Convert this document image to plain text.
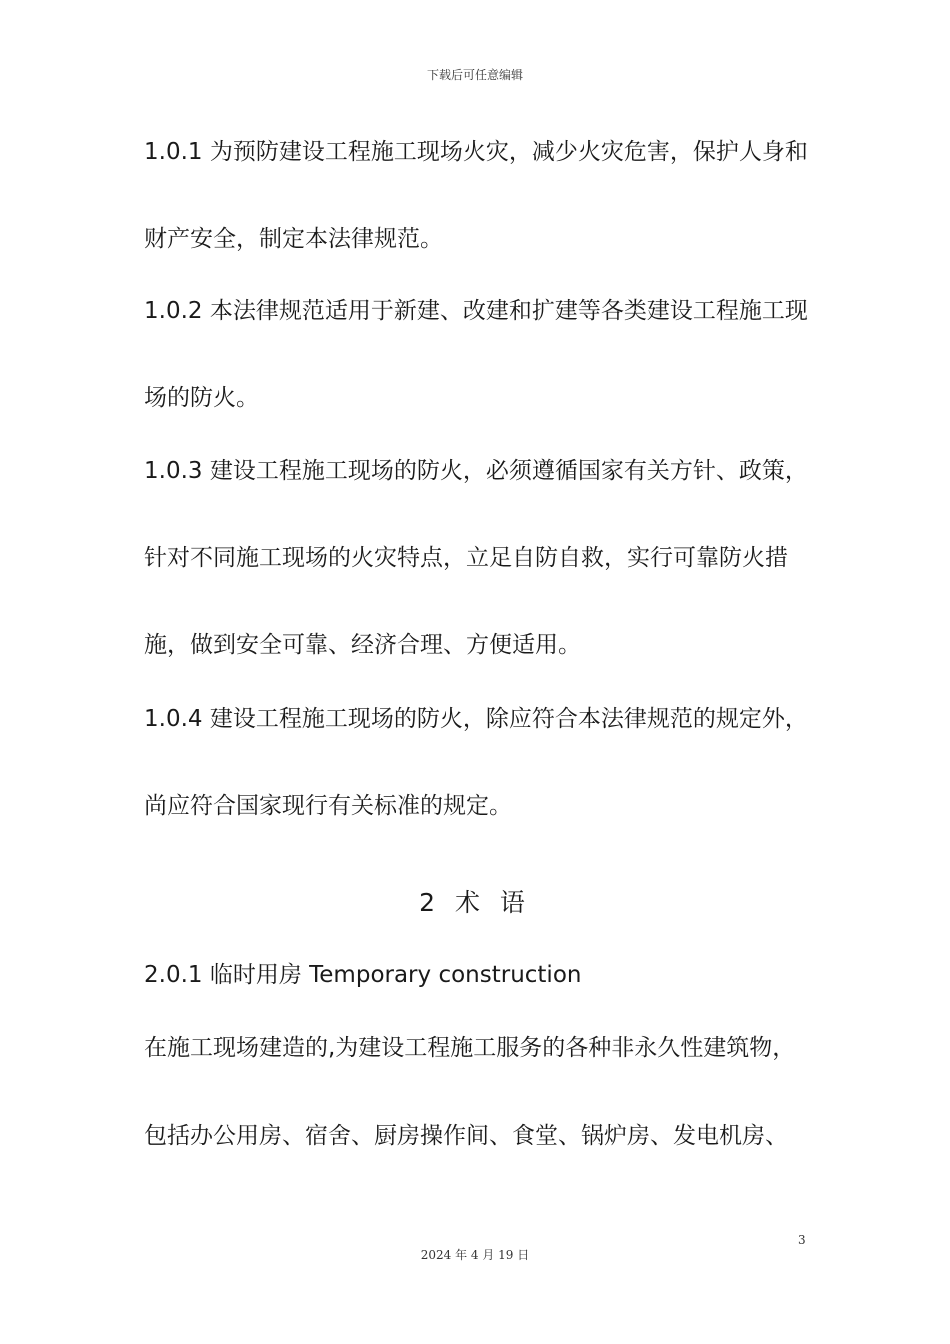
下载后可任意编辑
1.0.1 为预防建设工程施工现场火灾，减少火灾危害，保护人身和
财产安全，制定本法律规范。
1.0.2 本法律规范适用于新建、改建和扩建等各类建设工程施工现
场的防火。
1.0.3 建设工程施工现场的防火，必须遵循国家有关方针、政策，
针对不同施工现场的火灾特点，立足自防自救，实行可靠防火措
施，做到安全可靠、经济合理、方便适用。
1.0.4 建设工程施工现场的防火，除应符合本法律规范的规定外，
尚应符合国家现行有关标准的规定。
2 术 语
2.0.1 临时用房 Temporary construction
在施工现场建造的,为建设工程施工服务的各种非永久性建筑物，
包括办公用房、宿舍、厨房操作间、食堂、锅炉房、发电机房、
3
2024 年 4 月 19 日
